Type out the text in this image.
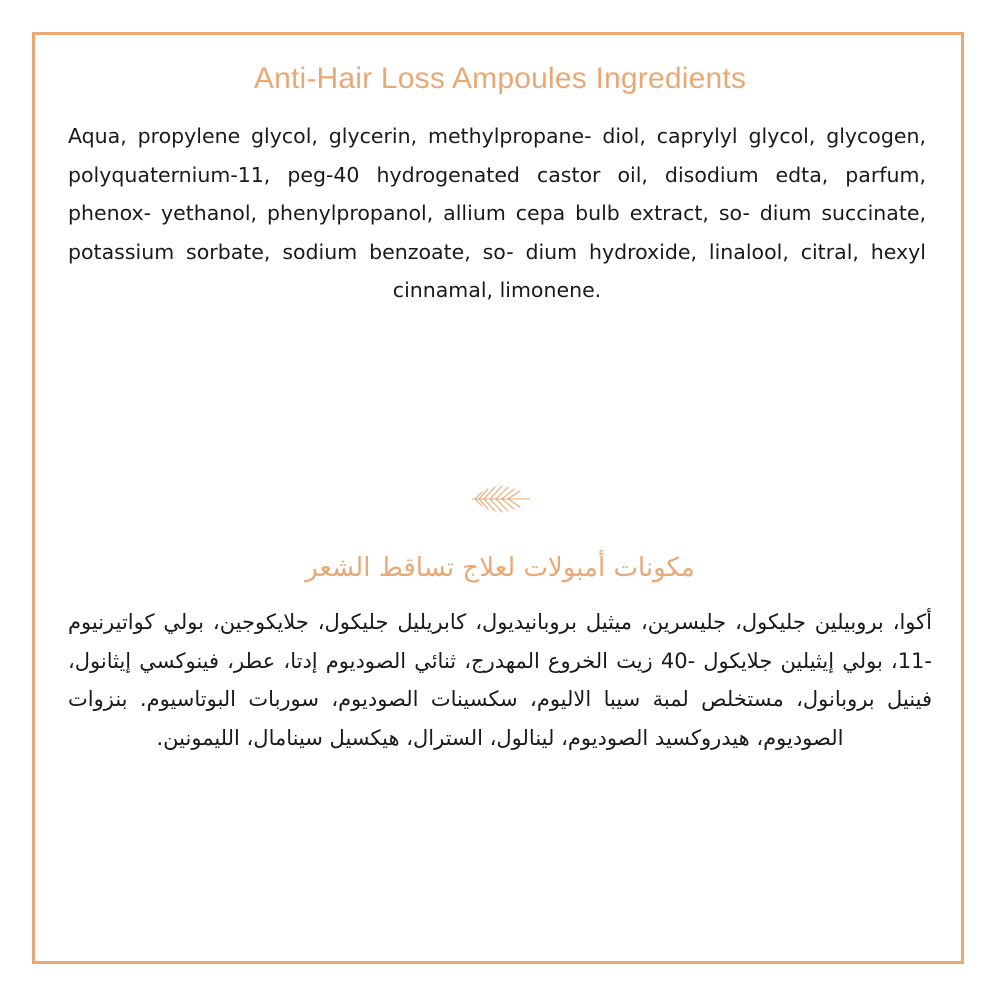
Anti-Hair Loss Ampoules Ingredients
Aqua, propylene glycol, glycerin, methylpropane- diol, caprylyl glycol, glycogen, polyquaternium-11, peg-40 hydrogenated castor oil, disodium edta, parfum, phenox- yethanol, phenylpropanol, allium cepa bulb extract, so- dium succinate, potassium sorbate, sodium benzoate, so- dium hydroxide, linalool, citral, hexyl cinnamal, limonene.
مكونات أمبولات لعلاج تساقط الشعر
أكوا، بروبيلين جليكول، جليسرين، ميثيل بروبانيديول، كابريليل جليكول، جلايكوجين، بولي كواتيرنيوم -11، بولي إيثيلين جلايكول -40 زيت الخروع المهدرج، ثنائي الصوديوم إدتا، عطر، فينوكسي إيثانول، فينيل بروبانول، مستخلص لمبة سيبا الاليوم، سكسينات الصوديوم، سوربات البوتاسيوم. بنزوات الصوديوم، هيدروكسيد الصوديوم، لينالول، السترال، هيكسيل سينامال، الليمونين.
